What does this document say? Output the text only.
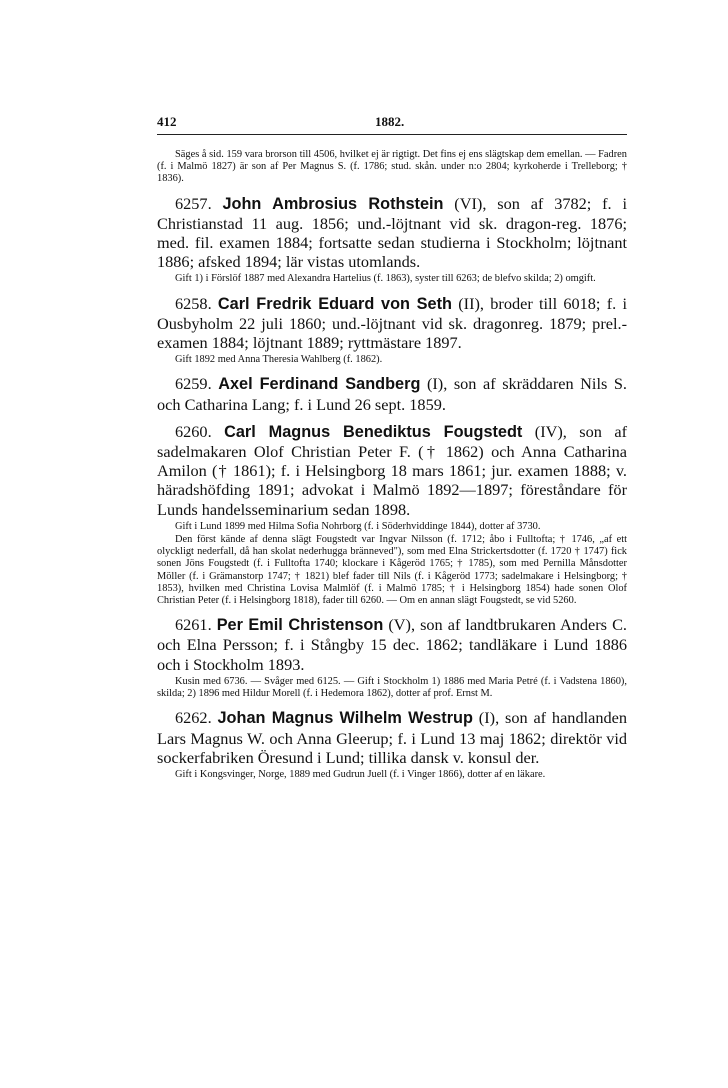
412	1882.

Säges å sid. 159 vara brorson till 4506, hvilket ej är rigtigt. Det fins ej ens slägtskap dem emellan. — Fadren (f. i Malmö 1827) är son af Per Magnus S. (f. 1786; stud. skån. under n:o 2804; kyrkoherde i Trelleborg; † 1836).

6257. John Ambrosius Rothstein (VI), son af 3782; f. i Christianstad 11 aug. 1856; und.-löjtnant vid sk. dragon-reg. 1876; med. fil. examen 1884; fortsatte sedan studierna i Stockholm; löjtnant 1886; afsked 1894; lär vistas utomlands.

Gift 1) i Förslöf 1887 med Alexandra Hartelius (f. 1863), syster till 6263; de blefvo skilda; 2) omgift.

6258. Carl Fredrik Eduard von Seth (II), broder till 6018; f. i Ousbyholm 22 juli 1860; und.-löjtnant vid sk. dragonreg. 1879; prel.-examen 1884; löjtnant 1889; ryttmästare 1897.

Gift 1892 med Anna Theresia Wahlberg (f. 1862).

6259. Axel Ferdinand Sandberg (I), son af skräddaren Nils S. och Catharina Lang; f. i Lund 26 sept. 1859.

6260. Carl Magnus Benediktus Fougstedt (IV), son af sadelmakaren Olof Christian Peter F. († 1862) och Anna Catharina Amilon († 1861); f. i Helsingborg 18 mars 1861; jur. examen 1888; v. häradshöfding 1891; advokat i Malmö 1892—1897; föreståndare för Lunds handelsseminarium sedan 1898.

Gift i Lund 1899 med Hilma Sofia Nohrborg (f. i Söderhviddinge 1844), dotter af 3730.

Den först kände af denna slägt Fougstedt var Ingvar Nilsson (f. 1712; åbo i Fulltofta; † 1746, „af ett olyckligt nederfall, då han skolat nederhugga bränneved"), som med Elna Strickertsdotter (f. 1720 † 1747) fick sonen Jöns Fougstedt (f. i Fulltofta 1740; klockare i Kågeröd 1765; † 1785), som med Pernilla Månsdotter Möller (f. i Grämanstorp 1747; † 1821) blef fader till Nils (f. i Kågeröd 1773; sadelmakare i Helsingborg; † 1853), hvilken med Christina Lovisa Malmlöf (f. i Malmö 1785; † i Helsingborg 1854) hade sonen Olof Christian Peter (f. i Helsingborg 1818), fader till 6260. — Om en annan slägt Fougstedt, se vid 5260.

6261. Per Emil Christenson (V), son af landtbrukaren Anders C. och Elna Persson; f. i Stångby 15 dec. 1862; tandläkare i Lund 1886 och i Stockholm 1893.

Kusin med 6736. — Svåger med 6125. — Gift i Stockholm 1) 1886 med Maria Petré (f. i Vadstena 1860), skilda; 2) 1896 med Hildur Morell (f. i Hedemora 1862), dotter af prof. Ernst M.

6262. Johan Magnus Wilhelm Westrup (I), son af handlanden Lars Magnus W. och Anna Gleerup; f. i Lund 13 maj 1862; direktör vid sockerfabriken Öresund i Lund; tillika dansk v. konsul der.

Gift i Kongsvinger, Norge, 1889 med Gudrun Juell (f. i Vinger 1866), dotter af en läkare.
